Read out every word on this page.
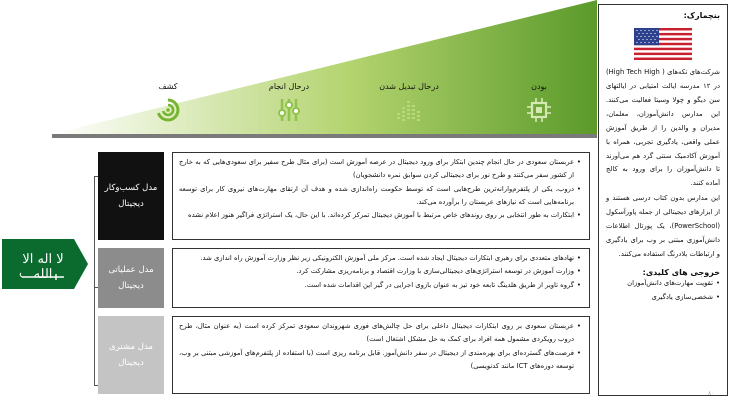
کشف	درحال انجام	درحال تبدیل شدن	بودن
لا اله الا الله
مدل کسب‌وکار
دیجیتال
• عربستان سعودی در حال انجام چندین ابتکار برای ورود دیجیتال در عرصه آموزش است (برای مثال طرح سفیر برای سعودی‌هایی که به خارج از کشور سفر می‌کنند و طرح نور برای دیجیتالی کردن سوابق نمره دانشجویان)
• دروب، یکی از پلتفرم‌وارانه‌ترین طرح‌هایی است که توسط حکومت راه‌اندازی شده و هدف آن ارتقای مهارت‌های نیروی کار برای توسعه برنامه‌هایی است که نیازهای عربستان را برآورده می‌کند.
• ابتکارات به طور انتخابی بر روی روندهای خاص مرتبط با آموزش دیجیتال تمرکز کرده‌اند. با این حال، یک استراتژی فراگیر هنوز اعلام نشده
مدل عملیاتی
دیجیتال
• نهادهای متعددی برای رهبری ابتکارات دیجیتال ایجاد شده است. مرکز ملی آموزش الکترونیکی زیر نظر وزارت آموزش راه اندازی شد.
• وزارت آموزش در توسعه استراتژی‌های دیجیتالی‌سازی با وزارت اقتصاد و برنامه‌ریزی مشارکت کرد.
• گروه تاویر از طریق هلدینگ تابعه خود تیز به عنوان بازوی اجرایی در گیر این اقدامات شده است.
مدل مشتری
دیجیتال
• عربستان سعودی بر روی ابتکارات دیجیتال داخلی برای حل چالش‌های فوری شهروندان سعودی تمرکز کرده است (به عنوان مثال، طرح دروب رویکردی مشمول همه افراد برای کمک به حل مشکل اشتغال است)
• فرصت‌های گسترده‌ای برای بهره‌مندی از دیجیتال در سفر دانش‌آموز. قابل برنامه ریزی است (با استفاده از پلتفرم‌های آموزشی مبتنی بر وب، توسعه دوره‌های ICT مانند کدنویسی)
بنچمارک:

شرکت‌های تکه‌های ( High Tech High) در ۱۲ مدرسه ایالت امتیابی در ایالتهای سن دیگو و چولا وسیتا فعالیت می‌کنند. این مدارس دانش‌آموزان، معلمان، مدیران و والدین را از طریق آموزش عملی واقعی، یادگیری تجربی، همراه با آموزش آکادمیک سنتی گرد هم می‌آورند تا دانش‌آموزان را برای ورود به کالج آماده کنند.

این مدارس بدون کتاب درسی هستند و از ابزارهای دیجیتالی از جمله پاورآسکول (PowerSchool)، یک پورتال اطلاعات دانش‌آموزی مبتنی بر وب برای یادگیری و ارتباطات بلادرنگ استفاده می‌کنند.

خروجی های کلیدی:
• تقویت مهارت‌های دانش‌آموزان
• شخصی‌سازی یادگیری
۸۰
